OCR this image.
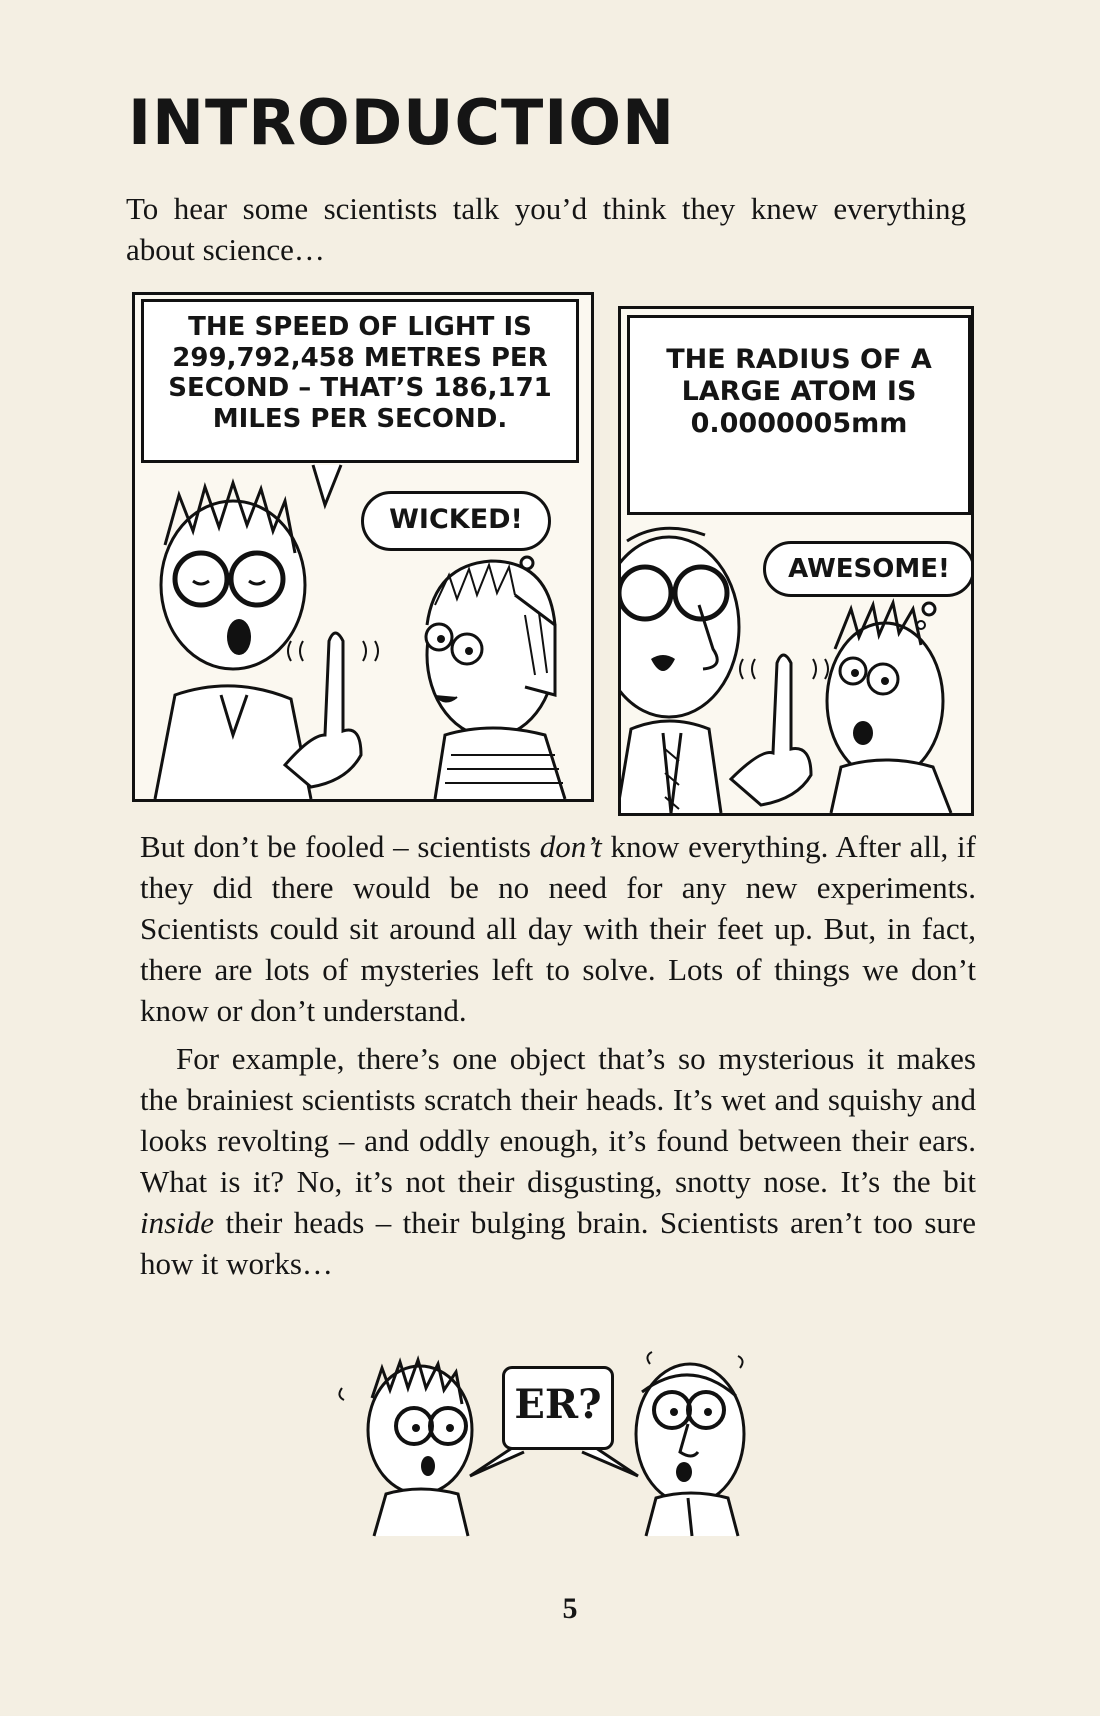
INTRODUCTION

To hear some scientists talk you’d think they knew everything about science…

THE SPEED OF LIGHT IS 299,792,458 METRES PER SECOND – THAT’S 186,171 MILES PER SECOND.
WICKED!
THE RADIUS OF A LARGE ATOM IS 0.0000005mm
AWESOME!

But don’t be fooled – scientists don’t know everything. After all, if they did there would be no need for any new experiments. Scientists could sit around all day with their feet up. But, in fact, there are lots of mysteries left to solve. Lots of things we don’t know or don’t understand.

For example, there’s one object that’s so mysterious it makes the brainiest scientists scratch their heads. It’s wet and squishy and looks revolting – and oddly enough, it’s found between their ears. What is it? No, it’s not their disgusting, snotty nose. It’s the bit inside their heads – their bulging brain. Scientists aren’t too sure how it works…

ER?
5
